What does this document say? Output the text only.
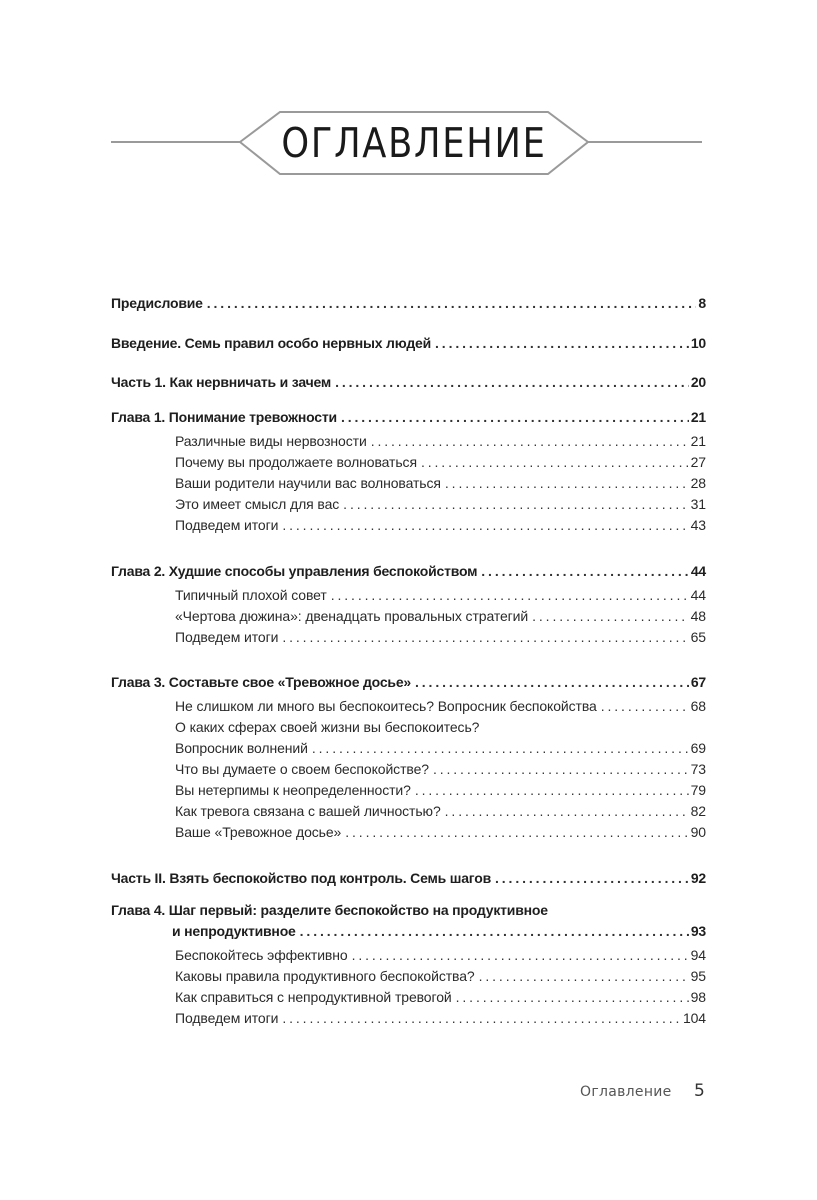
ОГЛАВЛЕНИЕ
Предисловие . . .	8
Введение. Семь правил особо нервных людей . . .	10
Часть 1. Как нервничать и зачем . . .	20
Глава 1. Понимание тревожности . . .	21
Различные виды нервозности . . .	21
Почему вы продолжаете волноваться . . .	27
Ваши родители научили вас волноваться . . .	28
Это имеет смысл для вас . . .	31
Подведем итоги . . .	43
Глава 2. Худшие способы управления беспокойством . . .	44
Типичный плохой совет . . .	44
«Чертова дюжина»: двенадцать провальных стратегий . . .	48
Подведем итоги . . .	65
Глава 3. Составьте свое «Тревожное досье» . . .	67
Не слишком ли много вы беспокоитесь? Вопросник беспокойства . . .	68
О каких сферах своей жизни вы беспокоитесь?
Вопросник волнений . . .	69
Что вы думаете о своем беспокойстве? . . .	73
Вы нетерпимы к неопределенности? . . .	79
Как тревога связана с вашей личностью? . . .	82
Ваше «Тревожное досье» . . .	90
Часть II. Взять беспокойство под контроль. Семь шагов . . .	92
Глава 4. Шаг первый: разделите беспокойство на продуктивное
и непродуктивное . . .	93
Беспокойтесь эффективно . . .	94
Каковы правила продуктивного беспокойства? . . .	95
Как справиться с непродуктивной тревогой . . .	98
Подведем итоги . . .	104
Оглавление 5
